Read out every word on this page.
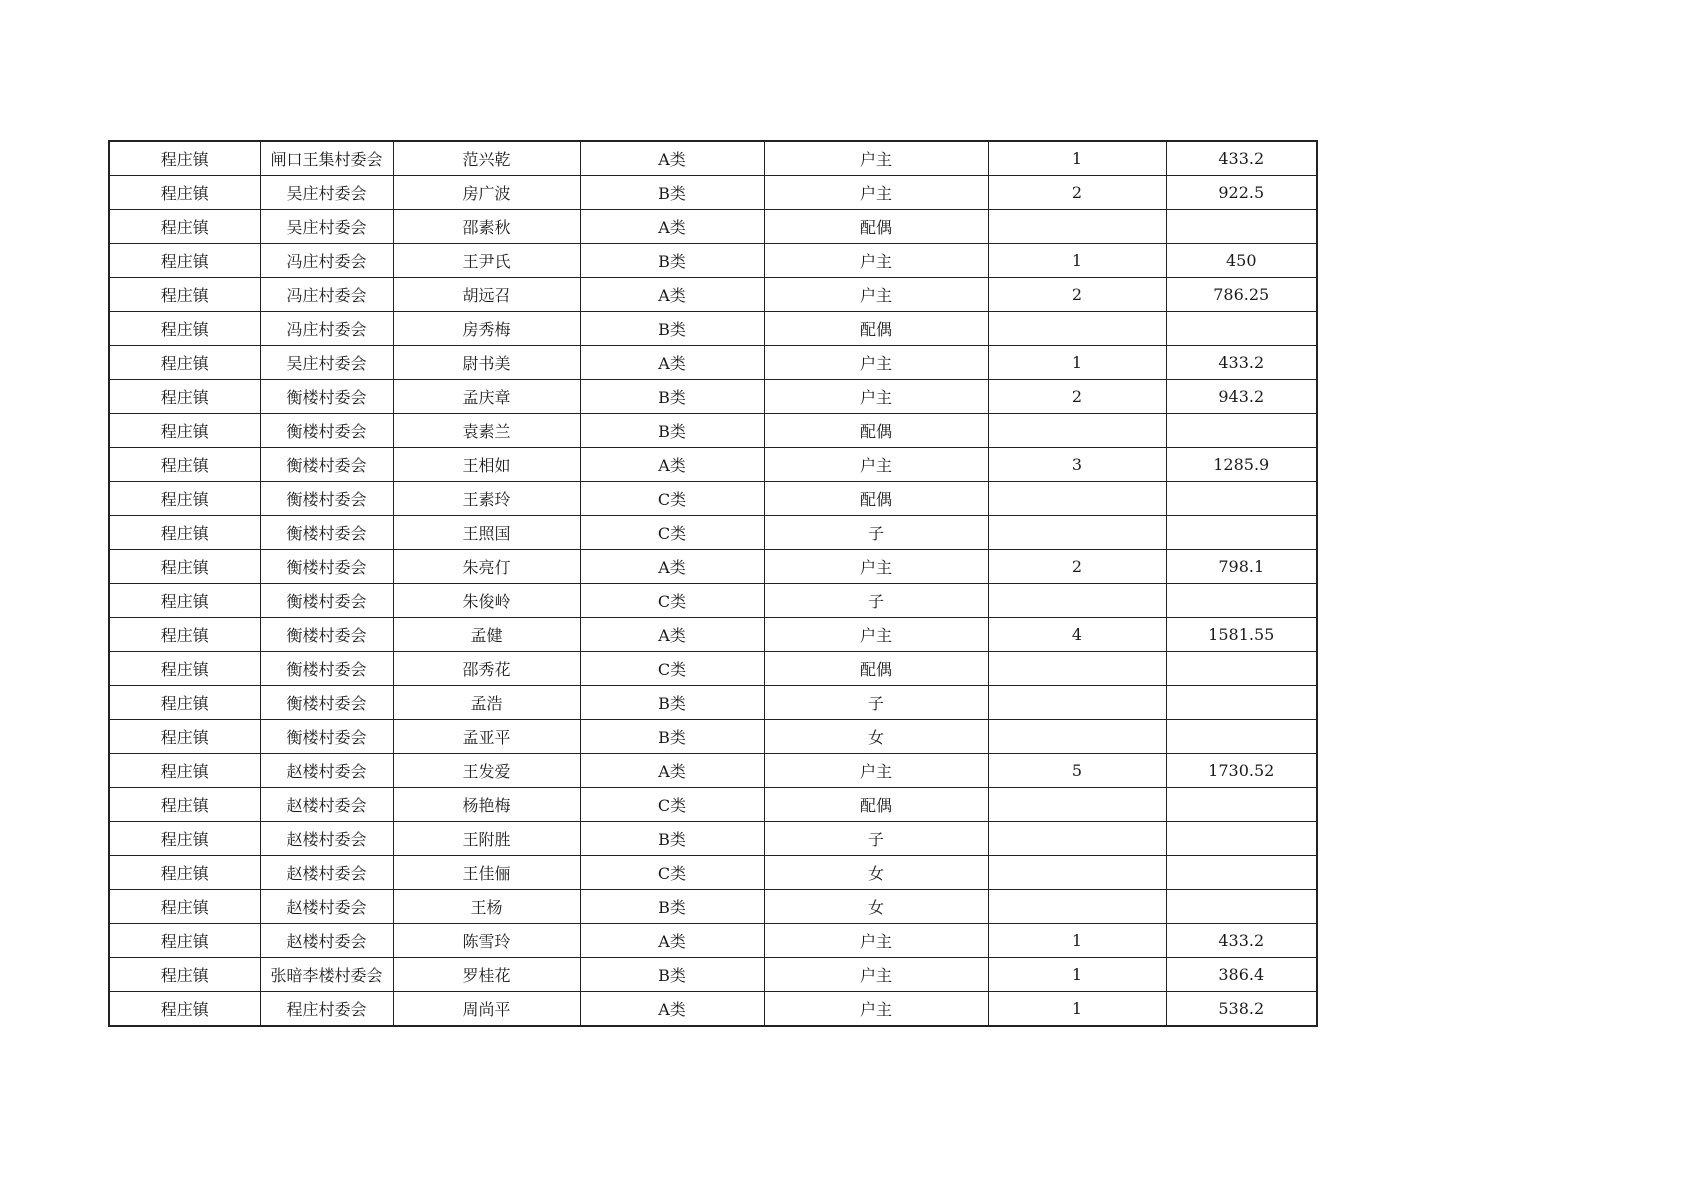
程庄镇	闸口王集村委会	范兴乾	A类	户主	1	433.2
程庄镇	吴庄村委会	房广波	B类	户主	2	922.5
程庄镇	吴庄村委会	邵素秋	A类	配偶		
程庄镇	冯庄村委会	王尹氏	B类	户主	1	450
程庄镇	冯庄村委会	胡远召	A类	户主	2	786.25
程庄镇	冯庄村委会	房秀梅	B类	配偶		
程庄镇	吴庄村委会	尉书美	A类	户主	1	433.2
程庄镇	衡楼村委会	孟庆章	B类	户主	2	943.2
程庄镇	衡楼村委会	袁素兰	B类	配偶		
程庄镇	衡楼村委会	王相如	A类	户主	3	1285.9
程庄镇	衡楼村委会	王素玲	C类	配偶		
程庄镇	衡楼村委会	王照国	C类	子		
程庄镇	衡楼村委会	朱亮仃	A类	户主	2	798.1
程庄镇	衡楼村委会	朱俊岭	C类	子		
程庄镇	衡楼村委会	孟健	A类	户主	4	1581.55
程庄镇	衡楼村委会	邵秀花	C类	配偶		
程庄镇	衡楼村委会	孟浩	B类	子		
程庄镇	衡楼村委会	孟亚平	B类	女		
程庄镇	赵楼村委会	王发爱	A类	户主	5	1730.52
程庄镇	赵楼村委会	杨艳梅	C类	配偶		
程庄镇	赵楼村委会	王附胜	B类	子		
程庄镇	赵楼村委会	王佳俪	C类	女		
程庄镇	赵楼村委会	王杨	B类	女		
程庄镇	赵楼村委会	陈雪玲	A类	户主	1	433.2
程庄镇	张暗李楼村委会	罗桂花	B类	户主	1	386.4
程庄镇	程庄村委会	周尚平	A类	户主	1	538.2
